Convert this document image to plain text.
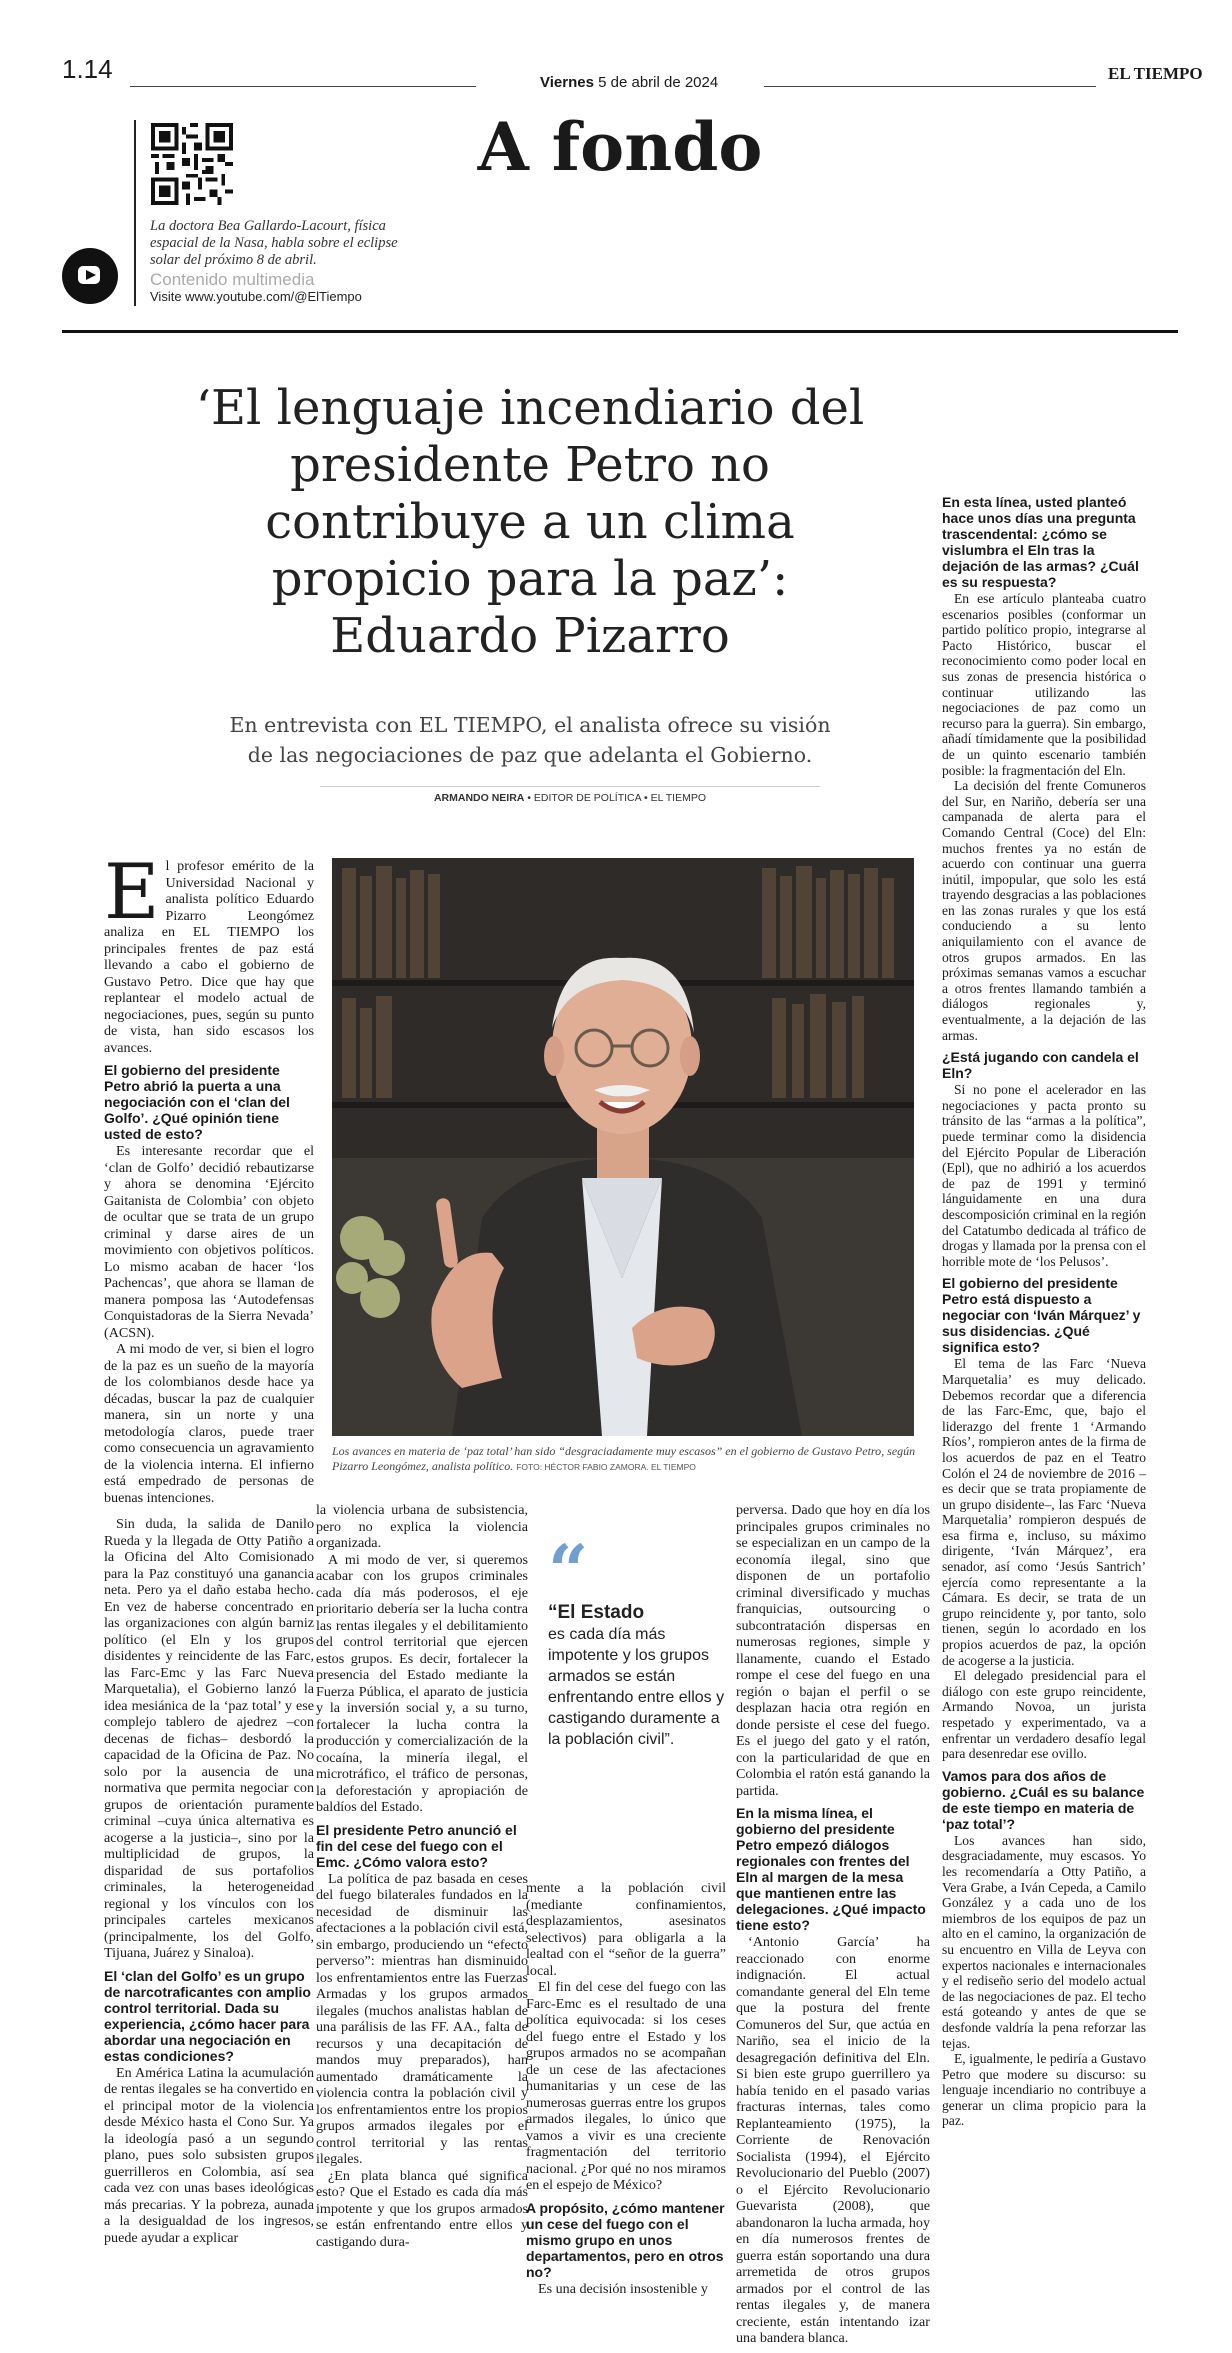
1.14	Viernes 5 de abril de 2024	EL TIEMPO
La doctora Bea Gallardo-Lacourt, física espacial de la Nasa, habla sobre el eclipse solar del próximo 8 de abril.
Contenido multimedia
Visite www.youtube.com/@ElTiempo
A fondo
‘El lenguaje incendiario del presidente Petro no contribuye a un clima propicio para la paz’: Eduardo Pizarro
En entrevista con EL TIEMPO, el analista ofrece su visión de las negociaciones de paz que adelanta el Gobierno.
ARMANDO NEIRA • EDITOR DE POLÍTICA • EL TIEMPO
Los avances en materia de ‘paz total’ han sido “desgraciadamente muy escasos” en el gobierno de Gustavo Petro, según Pizarro Leongómez, analista político. FOTO: HÉCTOR FABIO ZAMORA. EL TIEMPO

El profesor emérito de la Universidad Nacional y analista político Eduardo Pizarro Leongómez analiza en EL TIEMPO los principales frentes de paz está llevando a cabo el gobierno de Gustavo Petro. Dice que hay que replantear el modelo actual de negociaciones, pues, según su punto de vista, han sido escasos los avances.

El gobierno del presidente Petro abrió la puerta a una negociación con el ‘clan del Golfo’. ¿Qué opinión tiene usted de esto?

Es interesante recordar que el ‘clan de Golfo’ decidió rebautizarse y ahora se denomina ‘Ejército Gaitanista de Colombia’ con objeto de ocultar que se trata de un grupo criminal y darse aires de un movimiento con objetivos políticos. Lo mismo acaban de hacer ‘los Pachencas’, que ahora se llaman de manera pomposa las ‘Autodefensas Conquistadoras de la Sierra Nevada’ (ACSN).

A mi modo de ver, si bien el logro de la paz es un sueño de la mayoría de los colombianos desde hace ya décadas, buscar la paz de cualquier manera, sin un norte y una metodología claros, puede traer como consecuencia un agravamiento de la violencia interna. El infierno está empedrado de personas de buenas intenciones.

Sin duda, la salida de Danilo Rueda y la llegada de Otty Patiño a la Oficina del Alto Comisionado para la Paz constituyó una ganancia neta. Pero ya el daño estaba hecho. En vez de haberse concentrado en las organizaciones con algún barniz político (el Eln y los grupos disidentes y reincidente de las Farc, las Farc-Emc y las Farc Nueva Marquetalia), el Gobierno lanzó la idea mesiánica de la ‘paz total’ y ese complejo tablero de ajedrez –con decenas de fichas– desbordó la capacidad de la Oficina de Paz. No solo por la ausencia de una normativa que permita negociar con grupos de orientación puramente criminal –cuya única alternativa es acogerse a la justicia–, sino por la multiplicidad de grupos, la disparidad de sus portafolios criminales, la heterogeneidad regional y los vínculos con los principales carteles mexicanos (principalmente, los del Golfo, Tijuana, Juárez y Sinaloa).

El ‘clan del Golfo’ es un grupo de narcotraficantes con amplio control territorial. Dada su experiencia, ¿cómo hacer para abordar una negociación en estas condiciones?

En América Latina la acumulación de rentas ilegales se ha convertido en el principal motor de la violencia desde México hasta el Cono Sur. Ya la ideología pasó a un segundo plano, pues solo subsisten grupos guerrilleros en Colombia, así sea cada vez con unas bases ideológicas más precarias. Y la pobreza, aunada a la desigualdad de los ingresos, puede ayudar a explicar

la violencia urbana de subsistencia, pero no explica la violencia organizada.

A mi modo de ver, si queremos acabar con los grupos criminales cada día más poderosos, el eje prioritario debería ser la lucha contra las rentas ilegales y el debilitamiento del control territorial que ejercen estos grupos. Es decir, fortalecer la presencia del Estado mediante la Fuerza Pública, el aparato de justicia y la inversión social y, a su turno, fortalecer la lucha contra la producción y comercialización de la cocaína, la minería ilegal, el microtráfico, el tráfico de personas, la deforestación y apropiación de baldíos del Estado.

El presidente Petro anunció el fin del cese del fuego con el Emc. ¿Cómo valora esto?

La política de paz basada en ceses del fuego bilaterales fundados en la necesidad de disminuir las afectaciones a la población civil está, sin embargo, produciendo un “efecto perverso”: mientras han disminuido los enfrentamientos entre las Fuerzas Armadas y los grupos armados ilegales (muchos analistas hablan de una parálisis de las FF. AA., falta de recursos y una decapitación de mandos muy preparados), han aumentado dramáticamente la violencia contra la población civil y los enfrentamientos entre los propios grupos armados ilegales por el control territorial y las rentas ilegales.

¿En plata blanca qué significa esto? Que el Estado es cada día más impotente y que los grupos armados se están enfrentando entre ellos y castigando dura-

“
“El Estado
es cada día más impotente y los grupos armados se están enfrentando entre ellos y castigando duramente a la población civil”.

mente a la población civil (mediante confinamientos, desplazamientos, asesinatos selectivos) para obligarla a la lealtad con el “señor de la guerra” local.

El fin del cese del fuego con las Farc-Emc es el resultado de una política equivocada: si los ceses del fuego entre el Estado y los grupos armados no se acompañan de un cese de las afectaciones humanitarias y un cese de las numerosas guerras entre los grupos armados ilegales, lo único que vamos a vivir es una creciente fragmentación del territorio nacional. ¿Por qué no nos miramos en el espejo de México?

A propósito, ¿cómo mantener un cese del fuego con el mismo grupo en unos departamentos, pero en otros no?

Es una decisión insostenible y

perversa. Dado que hoy en día los principales grupos criminales no se especializan en un campo de la economía ilegal, sino que disponen de un portafolio criminal diversificado y muchas franquicias, outsourcing o subcontratación dispersas en numerosas regiones, simple y llanamente, cuando el Estado rompe el cese del fuego en una región o bajan el perfil o se desplazan hacia otra región en donde persiste el cese del fuego. Es el juego del gato y el ratón, con la particularidad de que en Colombia el ratón está ganando la partida.

En la misma línea, el gobierno del presidente Petro empezó diálogos regionales con frentes del Eln al margen de la mesa que mantienen entre las delegaciones. ¿Qué impacto tiene esto?

‘Antonio García’ ha reaccionado con enorme indignación. El actual comandante general del Eln teme que la postura del frente Comuneros del Sur, que actúa en Nariño, sea el inicio de la desagregación definitiva del Eln. Si bien este grupo guerrillero ya había tenido en el pasado varias fracturas internas, tales como Replanteamiento (1975), la Corriente de Renovación Socialista (1994), el Ejército Revolucionario del Pueblo (2007) o el Ejército Revolucionario Guevarista (2008), que abandonaron la lucha armada, hoy en día numerosos frentes de guerra están soportando una dura arremetida de otros grupos armados por el control de las rentas ilegales y, de manera creciente, están intentando izar una bandera blanca.

En esta línea, usted planteó hace unos días una pregunta trascendental: ¿cómo se vislumbra el Eln tras la dejación de las armas? ¿Cuál es su respuesta?

En ese artículo planteaba cuatro escenarios posibles (conformar un partido político propio, integrarse al Pacto Histórico, buscar el reconocimiento como poder local en sus zonas de presencia histórica o continuar utilizando las negociaciones de paz como un recurso para la guerra). Sin embargo, añadí tímidamente que la posibilidad de un quinto escenario también posible: la fragmentación del Eln.

La decisión del frente Comuneros del Sur, en Nariño, debería ser una campanada de alerta para el Comando Central (Coce) del Eln: muchos frentes ya no están de acuerdo con continuar una guerra inútil, impopular, que solo les está trayendo desgracias a las poblaciones en las zonas rurales y que los está conduciendo a su lento aniquilamiento con el avance de otros grupos armados. En las próximas semanas vamos a escuchar a otros frentes llamando también a diálogos regionales y, eventualmente, a la dejación de las armas.

¿Está jugando con candela el Eln?

Si no pone el acelerador en las negociaciones y pacta pronto su tránsito de las “armas a la política”, puede terminar como la disidencia del Ejército Popular de Liberación (Epl), que no adhirió a los acuerdos de paz de 1991 y terminó lánguidamente en una dura descomposición criminal en la región del Catatumbo dedicada al tráfico de drogas y llamada por la prensa con el horrible mote de ‘los Pelusos’.

El gobierno del presidente Petro está dispuesto a negociar con ‘Iván Márquez’ y sus disidencias. ¿Qué significa esto?

El tema de las Farc ‘Nueva Marquetalia’ es muy delicado. Debemos recordar que a diferencia de las Farc-Emc, que, bajo el liderazgo del frente 1 ‘Armando Ríos’, rompieron antes de la firma de los acuerdos de paz en el Teatro Colón el 24 de noviembre de 2016 –es decir que se trata propiamente de un grupo disidente–, las Farc ‘Nueva Marquetalia’ rompieron después de esa firma e, incluso, su máximo dirigente, ‘Iván Márquez’, era senador, así como ‘Jesús Santrich’ ejercía como representante a la Cámara. Es decir, se trata de un grupo reincidente y, por tanto, solo tienen, según lo acordado en los propios acuerdos de paz, la opción de acogerse a la justicia.

El delegado presidencial para el diálogo con este grupo reincidente, Armando Novoa, un jurista respetado y experimentado, va a enfrentar un verdadero desafío legal para desenredar ese ovillo.

Vamos para dos años de gobierno. ¿Cuál es su balance de este tiempo en materia de ‘paz total’?

Los avances han sido, desgraciadamente, muy escasos. Yo les recomendaría a Otty Patiño, a Vera Grabe, a Iván Cepeda, a Camilo González y a cada uno de los miembros de los equipos de paz un alto en el camino, la organización de su encuentro en Villa de Leyva con expertos nacionales e internacionales y el rediseño serio del modelo actual de las negociaciones de paz. El techo está goteando y antes de que se desfonde valdría la pena reforzar las tejas.

E, igualmente, le pediría a Gustavo Petro que modere su discurso: su lenguaje incendiario no contribuye a generar un clima propicio para la paz.
